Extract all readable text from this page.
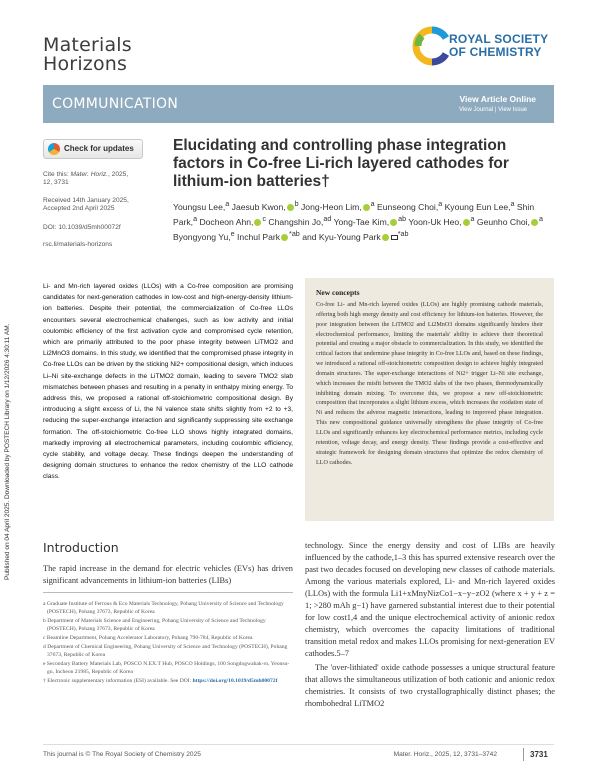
Published on 04 April 2025. Downloaded by POSTECH Library on 1/12/2026 4:30:11 AM.
Materials
Horizons
ROYAL SOCIETY
OF CHEMISTRY
COMMUNICATION	View Article Online
View Journal | View Issue
Check for updates
Cite this: Mater. Horiz., 2025,
12, 3731
Received 14th January 2025,
Accepted 2nd April 2025
DOI: 10.1039/d5mh00072f
rsc.li/materials-horizons
Elucidating and controlling phase integration factors in Co-free Li-rich layered cathodes for lithium-ion batteries†
Youngsu Lee,$^a$ Jaesub Kwon, $^b$ Jong-Heon Lim, $^a$ Eunseong Choi,$^a$ Kyoung Eun Lee,$^a$ Shin Park,$^a$ Docheon Ahn, $^c$ Changshin Jo,$^{ad}$ Yong-Tae Kim, $^{ab}$ Yoon-Uk Heo, $^a$ Geunho Choi, $^a$ Byongyong Yu,$^e$ Inchul Park $^{*ab}$ and Kyu-Young Park $^{*ab}$
Li- and Mn-rich layered oxides (LLOs) with a Co-free composition are promising candidates for next-generation cathodes in low-cost and high-energy-density lithium-ion batteries. Despite their potential, the commercialization of Co-free LLOs encounters several electrochemical challenges, such as low activity and initial coulombic efficiency of the first activation cycle and compromised cycle retention, which are primarily attributed to the poor phase integrity between LiTMO2 and Li2MnO3 domains. In this study, we identified that the compromised phase integrity in Co-free LLOs can be driven by the sticking Ni2+ compositional design, which induces Li–Ni site-exchange defects in the LiTMO2 domain, leading to severe TMO2 slab mismatches between phases and resulting in a penalty in enthalpy mixing energy. To address this, we proposed a rational off-stoichiometric compositional design. By introducing a slight excess of Li, the Ni valence state shifts slightly from +2 to +3, reducing the super-exchange interaction and significantly suppressing site exchange formation. The off-stoichiometric Co-free LLO shows highly integrated domains, markedly improving all electrochemical parameters, including coulombic efficiency, cycle stability, and voltage decay. These findings deepen the understanding of designing domain structures to enhance the redox chemistry of the LLO cathode class.
New concepts

Co-free Li- and Mn-rich layered oxides (LLOs) are highly promising cathode materials, offering both high energy density and cost efficiency for lithium-ion batteries. However, the poor integration between the LiTMO2 and Li2MnO3 domains significantly hinders their electrochemical performance, limiting the materials' ability to achieve their theoretical potential and creating a major obstacle to commercialization. In this study, we identified the critical factors that undermine phase integrity in Co-free LLOs and, based on these findings, we introduced a rational off-stoichiometric composition design to achieve highly integrated domain structures. The super-exchange interactions of Ni2+ trigger Li–Ni site exchange, which increases the misfit between the TMO2 slabs of the two phases, thermodynamically inhibiting domain mixing. To overcome this, we propose a new off-stoichiometric composition that incorporates a slight lithium excess, which increases the oxidation state of Ni and reduces the adverse magnetic interactions, leading to improved phase integration. This new compositional guidance universally strengthens the phase integrity of Co-free LLOs and significantly enhances key electrochemical performance metrics, including cycle retention, voltage decay, and energy density. These findings provide a cost-effective and strategic framework for designing domain structures that optimize the redox chemistry of LLO cathodes.

Introduction
The rapid increase in the demand for electric vehicles (EVs) has driven significant advancements in lithium-ion batteries (LIBs)
a Graduate Institute of Ferrous & Eco Materials Technology, Pohang University of Science and Technology (POSTECH), Pohang 37673, Republic of Korea
b Department of Materials Science and Engineering, Pohang University of Science and Technology (POSTECH), Pohang 37673, Republic of Korea
c Beamline Department, Pohang Accelerator Laboratory, Pohang 790-784, Republic of Korea
d Department of Chemical Engineering, Pohang University of Science and Technology (POSTECH), Pohang 37673, Republic of Korea
e Secondary Battery Materials Lab, POSCO N.EX.T Hub, POSCO Holdings, 100 Songdogwahak-ro, Yeonsu-gu, Incheon 21985, Republic of Korea
† Electronic supplementary information (ESI) available. See DOI: https://doi.org/10.1039/d5mh00072f

technology. Since the energy density and cost of LIBs are heavily influenced by the cathode,1–3 this has spurred extensive research over the past two decades focused on developing new classes of cathode materials. Among the various materials explored, Li- and Mn-rich layered oxides (LLOs) with the formula Li1+xMnyNizCo1−x−y−zO2 (where x + y + z = 1; >280 mAh g−1) have garnered substantial interest due to their potential for low cost1,4 and the unique electrochemical activity of anionic redox chemistry, which overcomes the capacity limitations of traditional transition metal redox and makes LLOs promising for next-generation EV cathodes.5–7

The 'over-lithiated' oxide cathode possesses a unique structural feature that allows the simultaneous utilization of both cationic and anionic redox chemistries. It consists of two crystallographically distinct phases; the rhombohedral LiTMO2

This journal is © The Royal Society of Chemistry 2025	Mater. Horiz., 2025, 12, 3731–3742	3731
